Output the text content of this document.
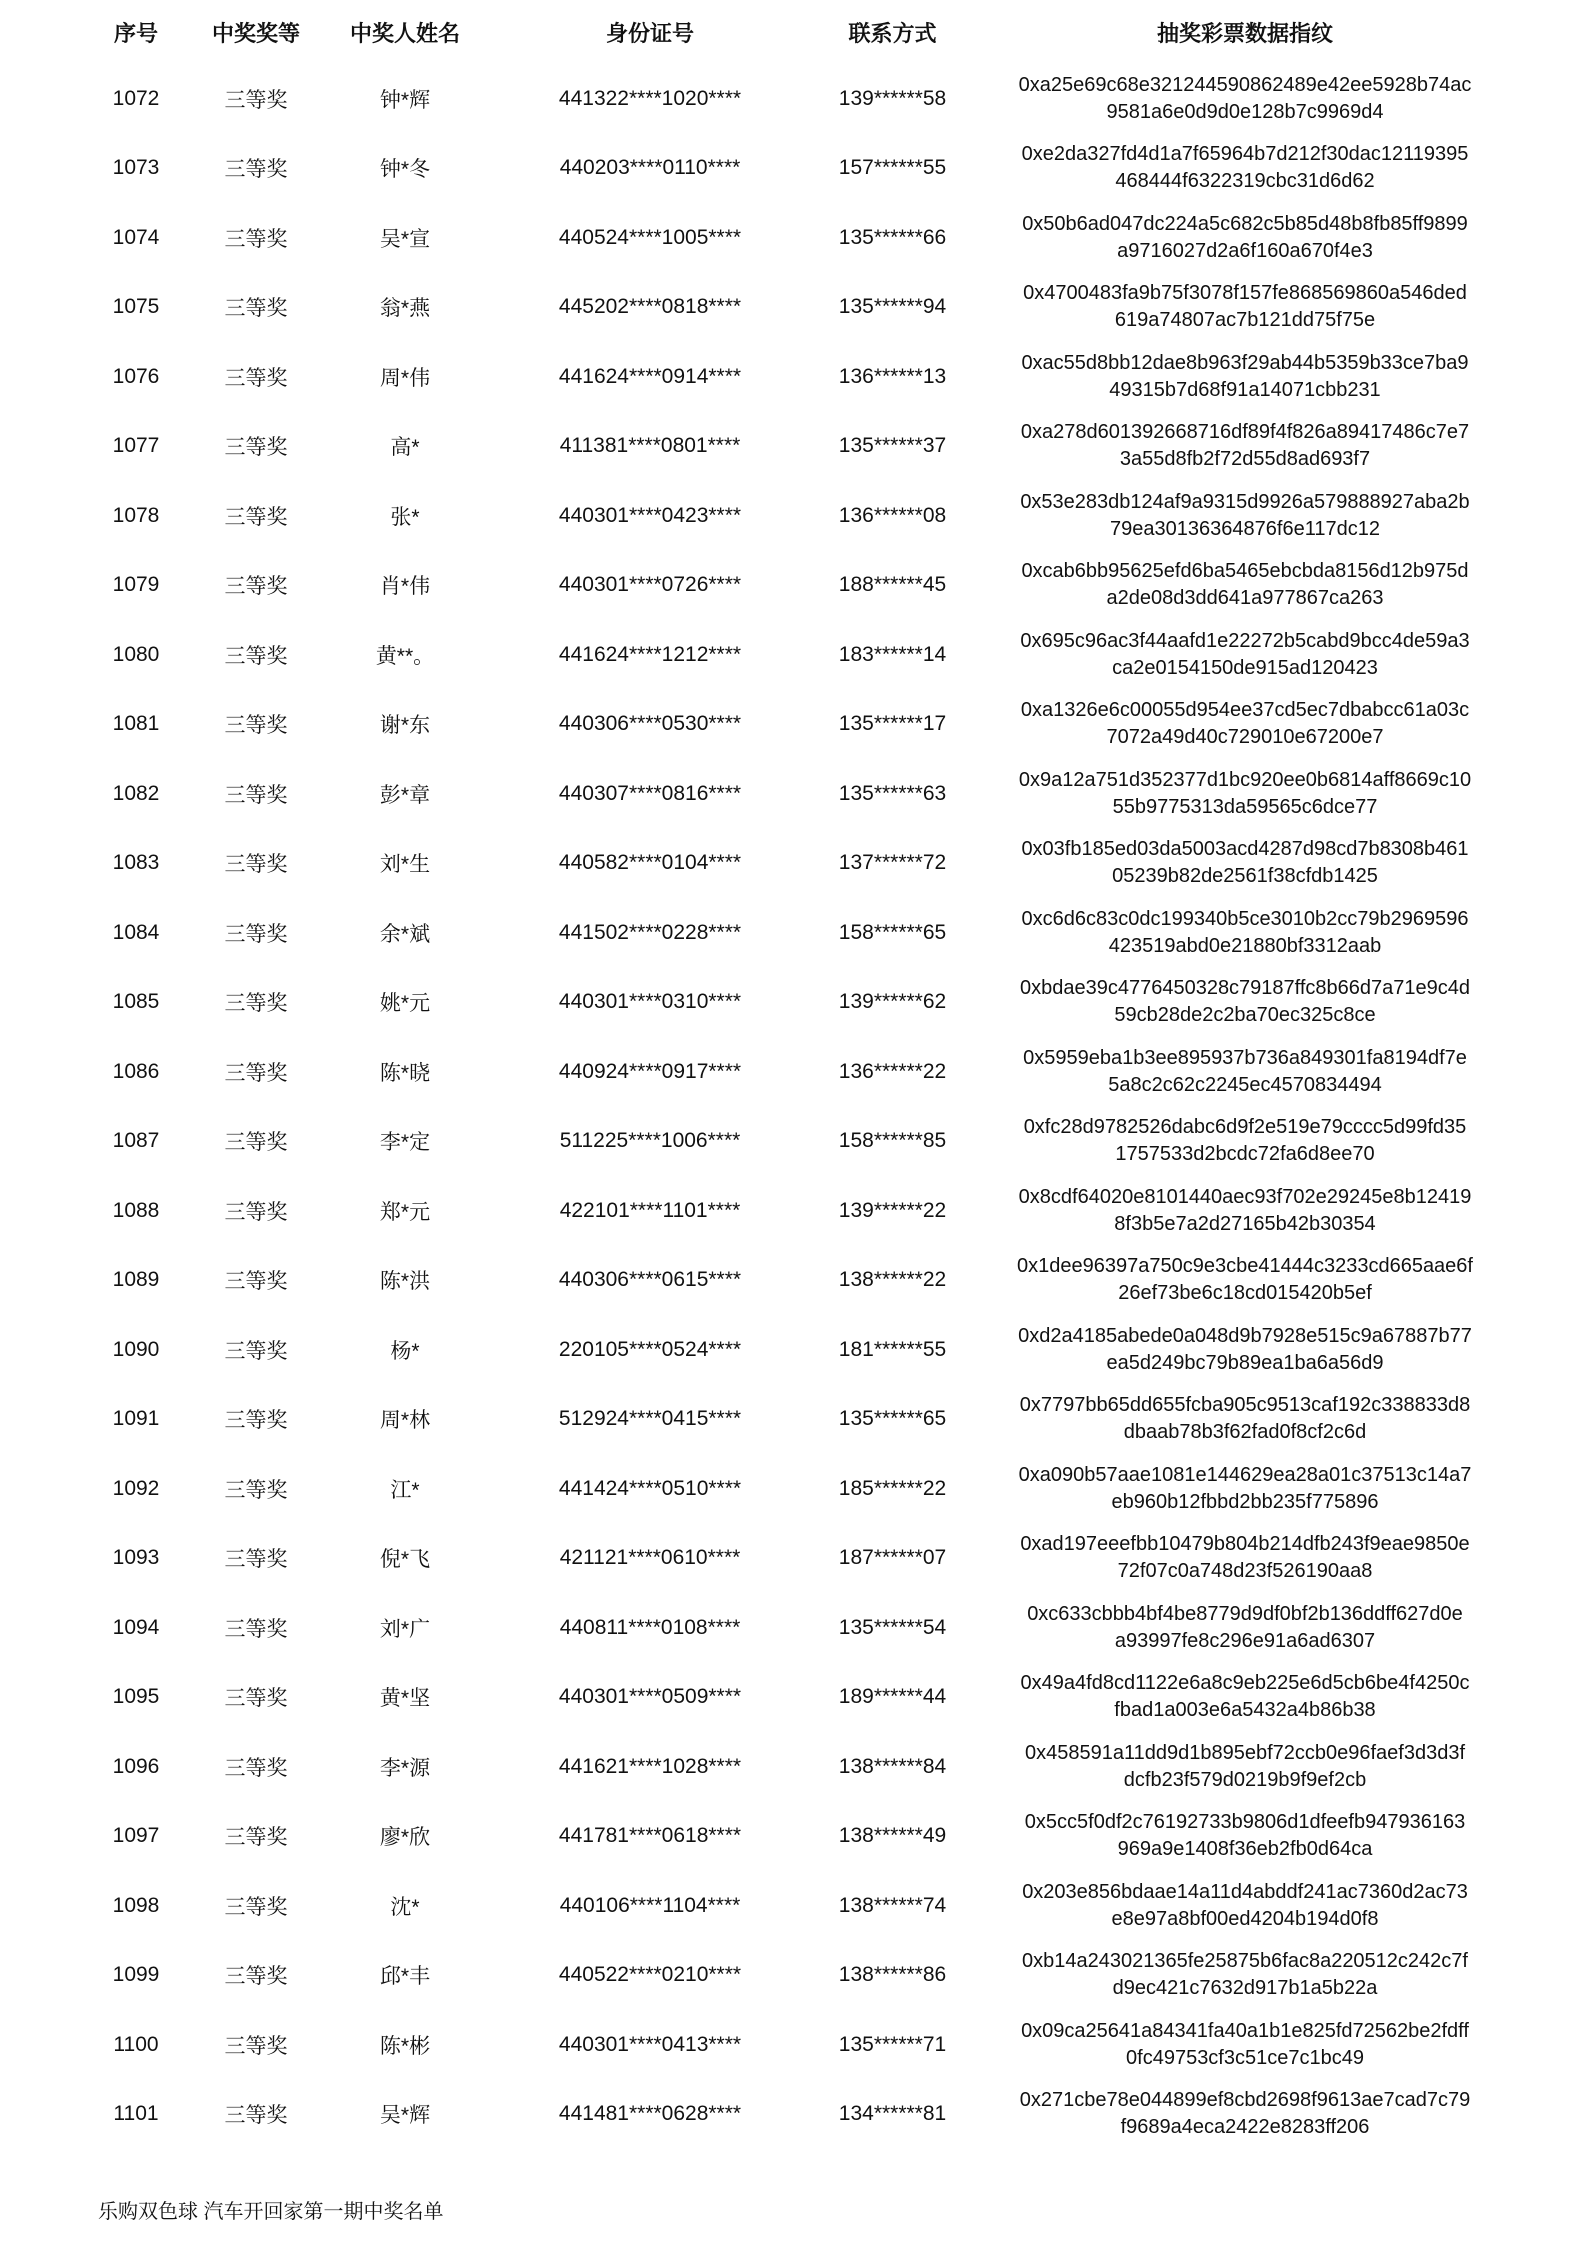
序号	中奖奖等	中奖人姓名	身份证号	联系方式	抽奖彩票数据指纹
1072	三等奖	钟*辉	441322****1020****	139******58
0xa25e69c68e321244590862489e42ee5928b74ac
9581a6e0d9d0e128b7c9969d4
1073	三等奖	钟*冬	440203****0110****	157******55
0xe2da327fd4d1a7f65964b7d212f30dac12119395
468444f6322319cbc31d6d62
1074	三等奖	吴*宣	440524****1005****	135******66
0x50b6ad047dc224a5c682c5b85d48b8fb85ff9899
a9716027d2a6f160a670f4e3
1075	三等奖	翁*燕	445202****0818****	135******94
0x4700483fa9b75f3078f157fe868569860a546ded
619a74807ac7b121dd75f75e
1076	三等奖	周*伟	441624****0914****	136******13
0xac55d8bb12dae8b963f29ab44b5359b33ce7ba9
49315b7d68f91a14071cbb231
1077	三等奖	高*	411381****0801****	135******37
0xa278d601392668716df89f4f826a89417486c7e7
3a55d8fb2f72d55d8ad693f7
1078	三等奖	张*	440301****0423****	136******08
0x53e283db124af9a9315d9926a579888927aba2b
79ea30136364876f6e117dc12
1079	三等奖	肖*伟	440301****0726****	188******45
0xcab6bb95625efd6ba5465ebcbda8156d12b975d
a2de08d3dd641a977867ca263
1080	三等奖	黄**。	441624****1212****	183******14
0x695c96ac3f44aafd1e22272b5cabd9bcc4de59a3
ca2e0154150de915ad120423
1081	三等奖	谢*东	440306****0530****	135******17
0xa1326e6c00055d954ee37cd5ec7dbabcc61a03c
7072a49d40c729010e67200e7
1082	三等奖	彭*章	440307****0816****	135******63
0x9a12a751d352377d1bc920ee0b6814aff8669c10
55b9775313da59565c6dce77
1083	三等奖	刘*生	440582****0104****	137******72
0x03fb185ed03da5003acd4287d98cd7b8308b461
05239b82de2561f38cfdb1425
1084	三等奖	余*斌	441502****0228****	158******65
0xc6d6c83c0dc199340b5ce3010b2cc79b2969596
423519abd0e21880bf3312aab
1085	三等奖	姚*元	440301****0310****	139******62
0xbdae39c4776450328c79187ffc8b66d7a71e9c4d
59cb28de2c2ba70ec325c8ce
1086	三等奖	陈*晓	440924****0917****	136******22
0x5959eba1b3ee895937b736a849301fa8194df7e
5a8c2c62c2245ec4570834494
1087	三等奖	李*定	511225****1006****	158******85
0xfc28d9782526dabc6d9f2e519e79cccc5d99fd35
1757533d2bcdc72fa6d8ee70
1088	三等奖	郑*元	422101****1101****	139******22
0x8cdf64020e8101440aec93f702e29245e8b12419
8f3b5e7a2d27165b42b30354
1089	三等奖	陈*洪	440306****0615****	138******22
0x1dee96397a750c9e3cbe41444c3233cd665aae6f
26ef73be6c18cd015420b5ef
1090	三等奖	杨*	220105****0524****	181******55
0xd2a4185abede0a048d9b7928e515c9a67887b77
ea5d249bc79b89ea1ba6a56d9
1091	三等奖	周*林	512924****0415****	135******65
0x7797bb65dd655fcba905c9513caf192c338833d8
dbaab78b3f62fad0f8cf2c6d
1092	三等奖	江*	441424****0510****	185******22
0xa090b57aae1081e144629ea28a01c37513c14a7
eb960b12fbbd2bb235f775896
1093	三等奖	倪*飞	421121****0610****	187******07
0xad197eeefbb10479b804b214dfb243f9eae9850e
72f07c0a748d23f526190aa8
1094	三等奖	刘*广	440811****0108****	135******54
0xc633cbbb4bf4be8779d9df0bf2b136ddff627d0e
a93997fe8c296e91a6ad6307
1095	三等奖	黄*坚	440301****0509****	189******44
0x49a4fd8cd1122e6a8c9eb225e6d5cb6be4f4250c
fbad1a003e6a5432a4b86b38
1096	三等奖	李*源	441621****1028****	138******84
0x458591a11dd9d1b895ebf72ccb0e96faef3d3d3f
dcfb23f579d0219b9f9ef2cb
1097	三等奖	廖*欣	441781****0618****	138******49
0x5cc5f0df2c76192733b9806d1dfeefb947936163
969a9e1408f36eb2fb0d64ca
1098	三等奖	沈*	440106****1104****	138******74
0x203e856bdaae14a11d4abddf241ac7360d2ac73
e8e97a8bf00ed4204b194d0f8
1099	三等奖	邱*丰	440522****0210****	138******86
0xb14a243021365fe25875b6fac8a220512c242c7f
d9ec421c7632d917b1a5b22a
1100	三等奖	陈*彬	440301****0413****	135******71
0x09ca25641a84341fa40a1b1e825fd72562be2fdff
0fc49753cf3c51ce7c1bc49
1101	三等奖	吴*辉	441481****0628****	134******81
0x271cbe78e044899ef8cbd2698f9613ae7cad7c79
f9689a4eca2422e8283ff206
乐购双色球 汽车开回家第一期中奖名单
